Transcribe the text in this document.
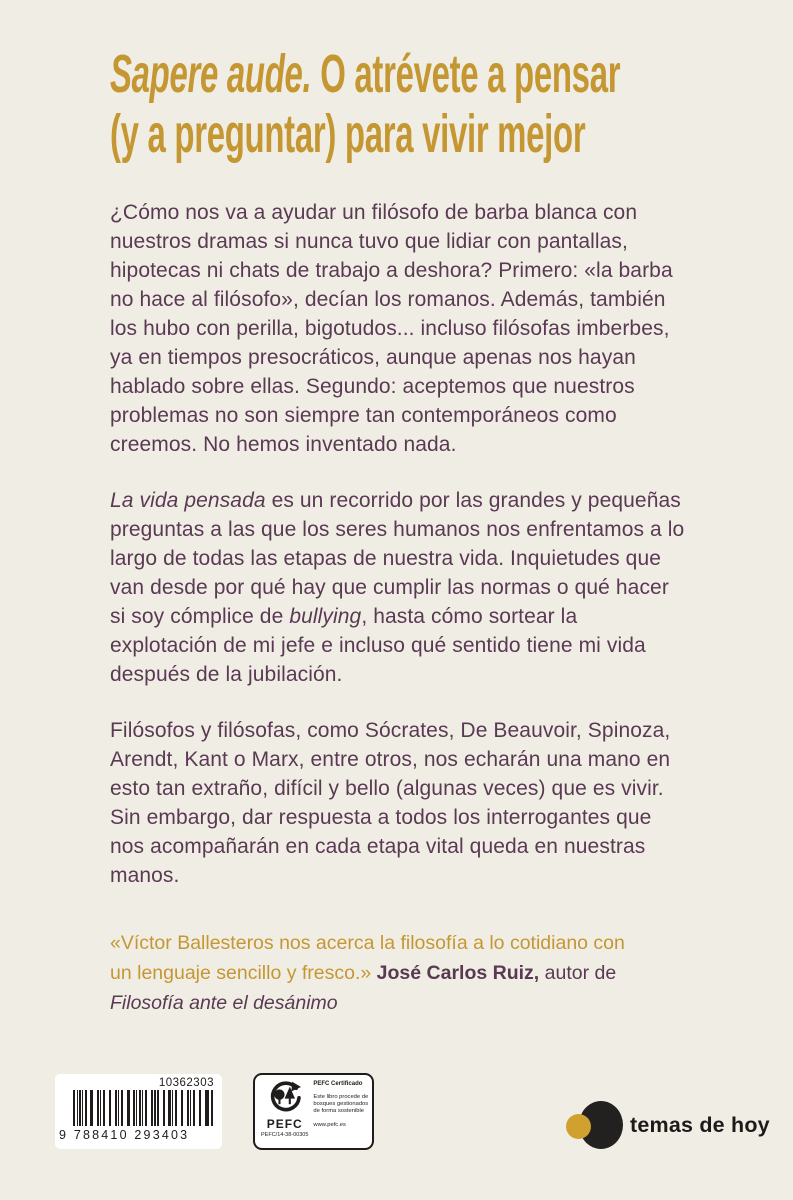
Sapere aude. O atrévete a pensar
(y a preguntar) para vivir mejor

¿Cómo nos va a ayudar un filósofo de barba blanca con nuestros dramas si nunca tuvo que lidiar con pantallas, hipotecas ni chats de trabajo a deshora? Primero: «la barba no hace al filósofo», decían los romanos. Además, también los hubo con perilla, bigotudos... incluso filósofas imberbes, ya en tiempos presocráticos, aunque apenas nos hayan hablado sobre ellas. Segundo: aceptemos que nuestros problemas no son siempre tan contemporáneos como creemos. No hemos inventado nada.

La vida pensada es un recorrido por las grandes y pequeñas preguntas a las que los seres humanos nos enfrentamos a lo largo de todas las etapas de nuestra vida. Inquietudes que van desde por qué hay que cumplir las normas o qué hacer si soy cómplice de bullying, hasta cómo sortear la explotación de mi jefe e incluso qué sentido tiene mi vida después de la jubilación.

Filósofos y filósofas, como Sócrates, De Beauvoir, Spinoza, Arendt, Kant o Marx, entre otros, nos echarán una mano en esto tan extraño, difícil y bello (algunas veces) que es vivir. Sin embargo, dar respuesta a todos los interrogantes que nos acompañarán en cada etapa vital queda en nuestras manos.

«Víctor Ballesteros nos acerca la filosofía a lo cotidiano con
un lenguaje sencillo y fresco.» José Carlos Ruiz, autor de
Filosofía ante el desánimo
10362303
9 788410 293403
PEFC
PEFC/14-38-00305
PEFC Certificado
Este libro procede de bosques gestionados de forma sostenible
www.pefc.es	temas de hoy
